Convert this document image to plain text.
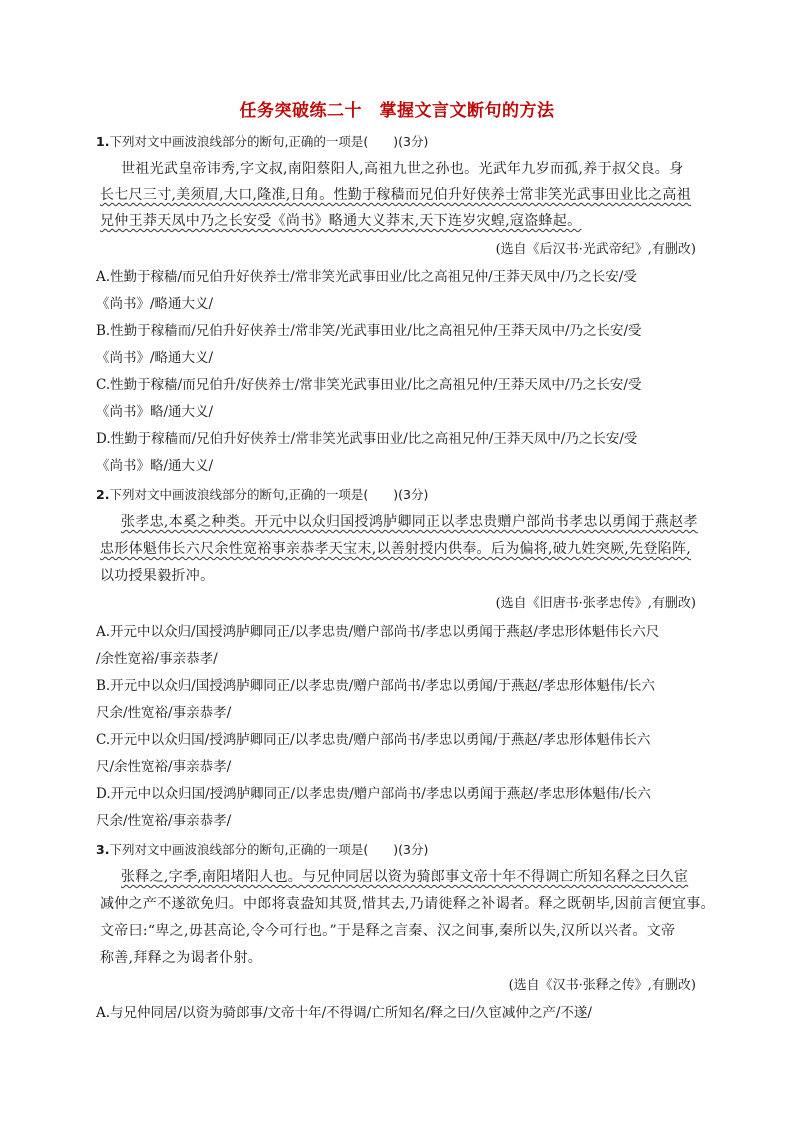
任务突破练二十　掌握文言文断句的方法
1.下列对文中画波浪线部分的断句,正确的一项是(　　)(3分)
世祖光武皇帝讳秀,字文叔,南阳蔡阳人,高祖九世之孙也。光武年九岁而孤,养于叔父良。身
长七尺三寸,美须眉,大口,隆准,日角。性勤于稼穑而兄伯升好侠养士常非笑光武事田业比之高祖
兄仲王莽天凤中乃之长安受《尚书》略通大义莽末,天下连岁灾蝗,寇盗蜂起。
(选自《后汉书·光武帝纪》,有删改)
A.性勤于稼穑/而兄伯升好侠养士/常非笑光武事田业/比之高祖兄仲/王莽天凤中/乃之长安/受
《尚书》/略通大义/
B.性勤于稼穑而/兄伯升好侠养士/常非笑/光武事田业/比之高祖兄仲/王莽天凤中/乃之长安/受
《尚书》/略通大义/
C.性勤于稼穑/而兄伯升/好侠养士/常非笑光武事田业/比之高祖兄仲/王莽天凤中/乃之长安/受
《尚书》略/通大义/
D.性勤于稼穑而/兄伯升好侠养士/常非笑光武事田业/比之高祖兄仲/王莽天凤中/乃之长安/受
《尚书》略/通大义/
2.下列对文中画波浪线部分的断句,正确的一项是(　　)(3分)
张孝忠,本奚之种类。开元中以众归国授鸿胪卿同正以孝忠贵赠户部尚书孝忠以勇闻于燕赵孝
忠形体魁伟长六尺余性宽裕事亲恭孝天宝末,以善射授内供奉。后为偏将,破九姓突厥,先登陷阵,
以功授果毅折冲。
(选自《旧唐书·张孝忠传》,有删改)
A.开元中以众归/国授鸿胪卿同正/以孝忠贵/赠户部尚书/孝忠以勇闻于燕赵/孝忠形体魁伟长六尺
/余性宽裕/事亲恭孝/
B.开元中以众归/国授鸿胪卿同正/以孝忠贵/赠户部尚书/孝忠以勇闻/于燕赵/孝忠形体魁伟/长六
尺余/性宽裕/事亲恭孝/
C.开元中以众归国/授鸿胪卿同正/以孝忠贵/赠户部尚书/孝忠以勇闻/于燕赵/孝忠形体魁伟长六
尺/余性宽裕/事亲恭孝/
D.开元中以众归国/授鸿胪卿同正/以孝忠贵/赠户部尚书/孝忠以勇闻于燕赵/孝忠形体魁伟/长六
尺余/性宽裕/事亲恭孝/
3.下列对文中画波浪线部分的断句,正确的一项是(　　)(3分)
张释之,字季,南阳堵阳人也。与兄仲同居以资为骑郎事文帝十年不得调亡所知名释之曰久宦
减仲之产不遂欲免归。中郎将袁盎知其贤,惜其去,乃请徙释之补谒者。释之既朝毕,因前言便宜事。
文帝曰:“卑之,毋甚高论,令今可行也。”于是释之言秦、汉之间事,秦所以失,汉所以兴者。文帝
称善,拜释之为谒者仆射。
(选自《汉书·张释之传》,有删改)
A.与兄仲同居/以资为骑郎事/文帝十年/不得调/亡所知名/释之曰/久宦减仲之产/不遂/
